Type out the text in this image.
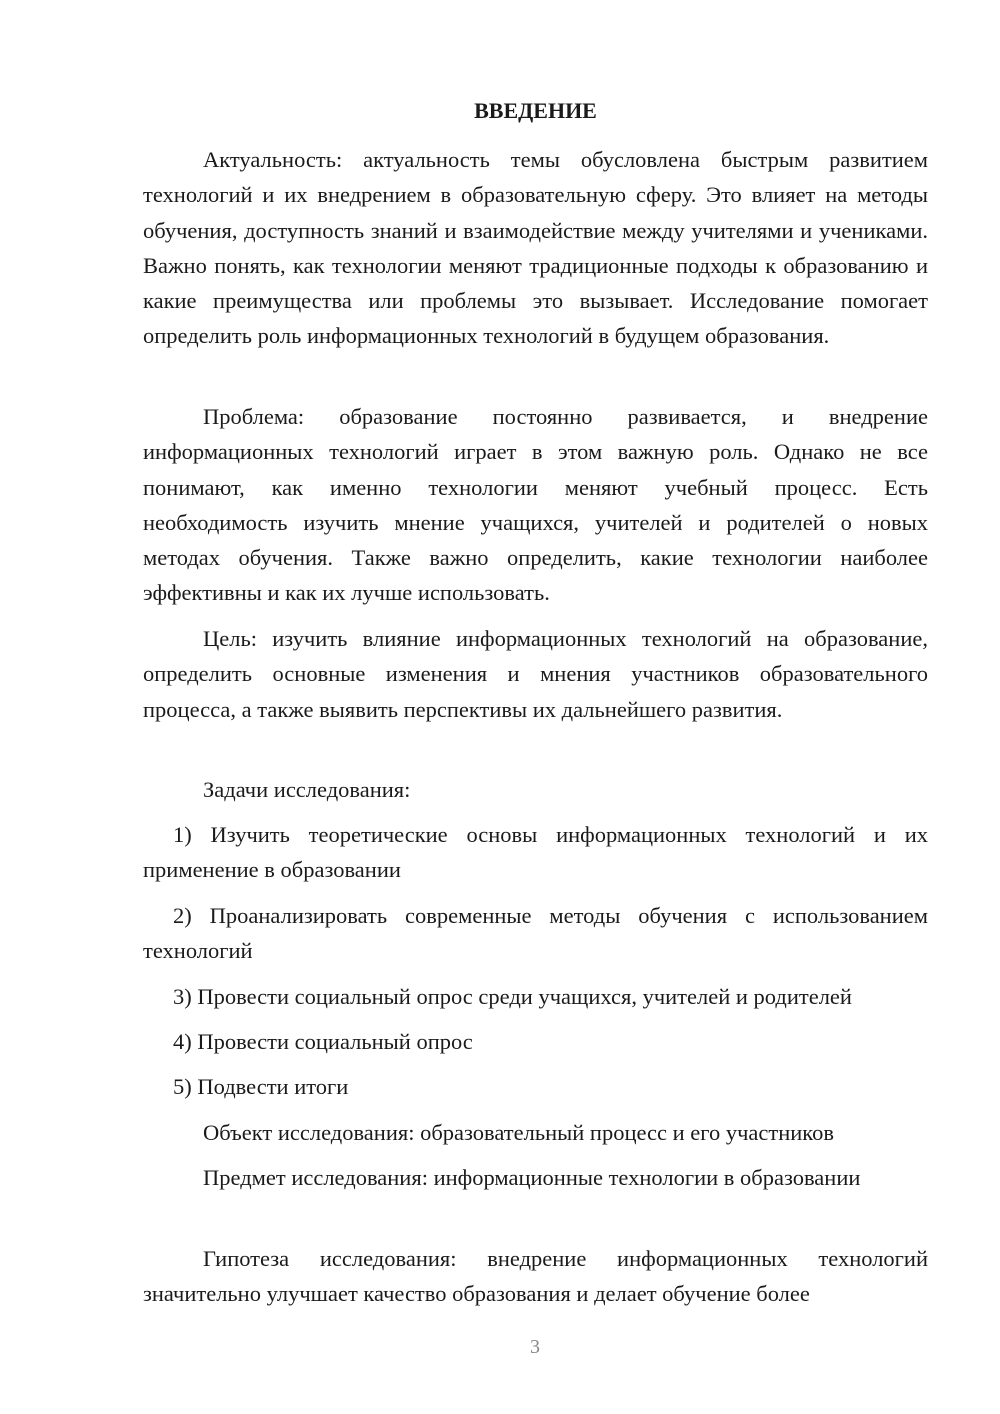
ВВЕДЕНИЕ

Актуальность: актуальность темы обусловлена быстрым развитием технологий и их внедрением в образовательную сферу. Это влияет на методы обучения, доступность знаний и взаимодействие между учителями и учениками. Важно понять, как технологии меняют традиционные подходы к образованию и какие преимущества или проблемы это вызывает. Исследование помогает определить роль информационных технологий в будущем образования.

Проблема: образование постоянно развивается, и внедрение информационных технологий играет в этом важную роль. Однако не все понимают, как именно технологии меняют учебный процесс. Есть необходимость изучить мнение учащихся, учителей и родителей о новых методах обучения. Также важно определить, какие технологии наиболее эффективны и как их лучше использовать.

Цель: изучить влияние информационных технологий на образование, определить основные изменения и мнения участников образовательного процесса, а также выявить перспективы их дальнейшего развития.

Задачи исследования:

1) Изучить теоретические основы информационных технологий и их применение в образовании

2) Проанализировать современные методы обучения с использованием технологий

3) Провести социальный опрос среди учащихся, учителей и родителей

4) Провести социальный опрос

5) Подвести итоги

Объект исследования: образовательный процесс и его участников

Предмет исследования: информационные технологии в образовании

Гипотеза исследования: внедрение информационных технологий значительно улучшает качество образования и делает обучение более

3
